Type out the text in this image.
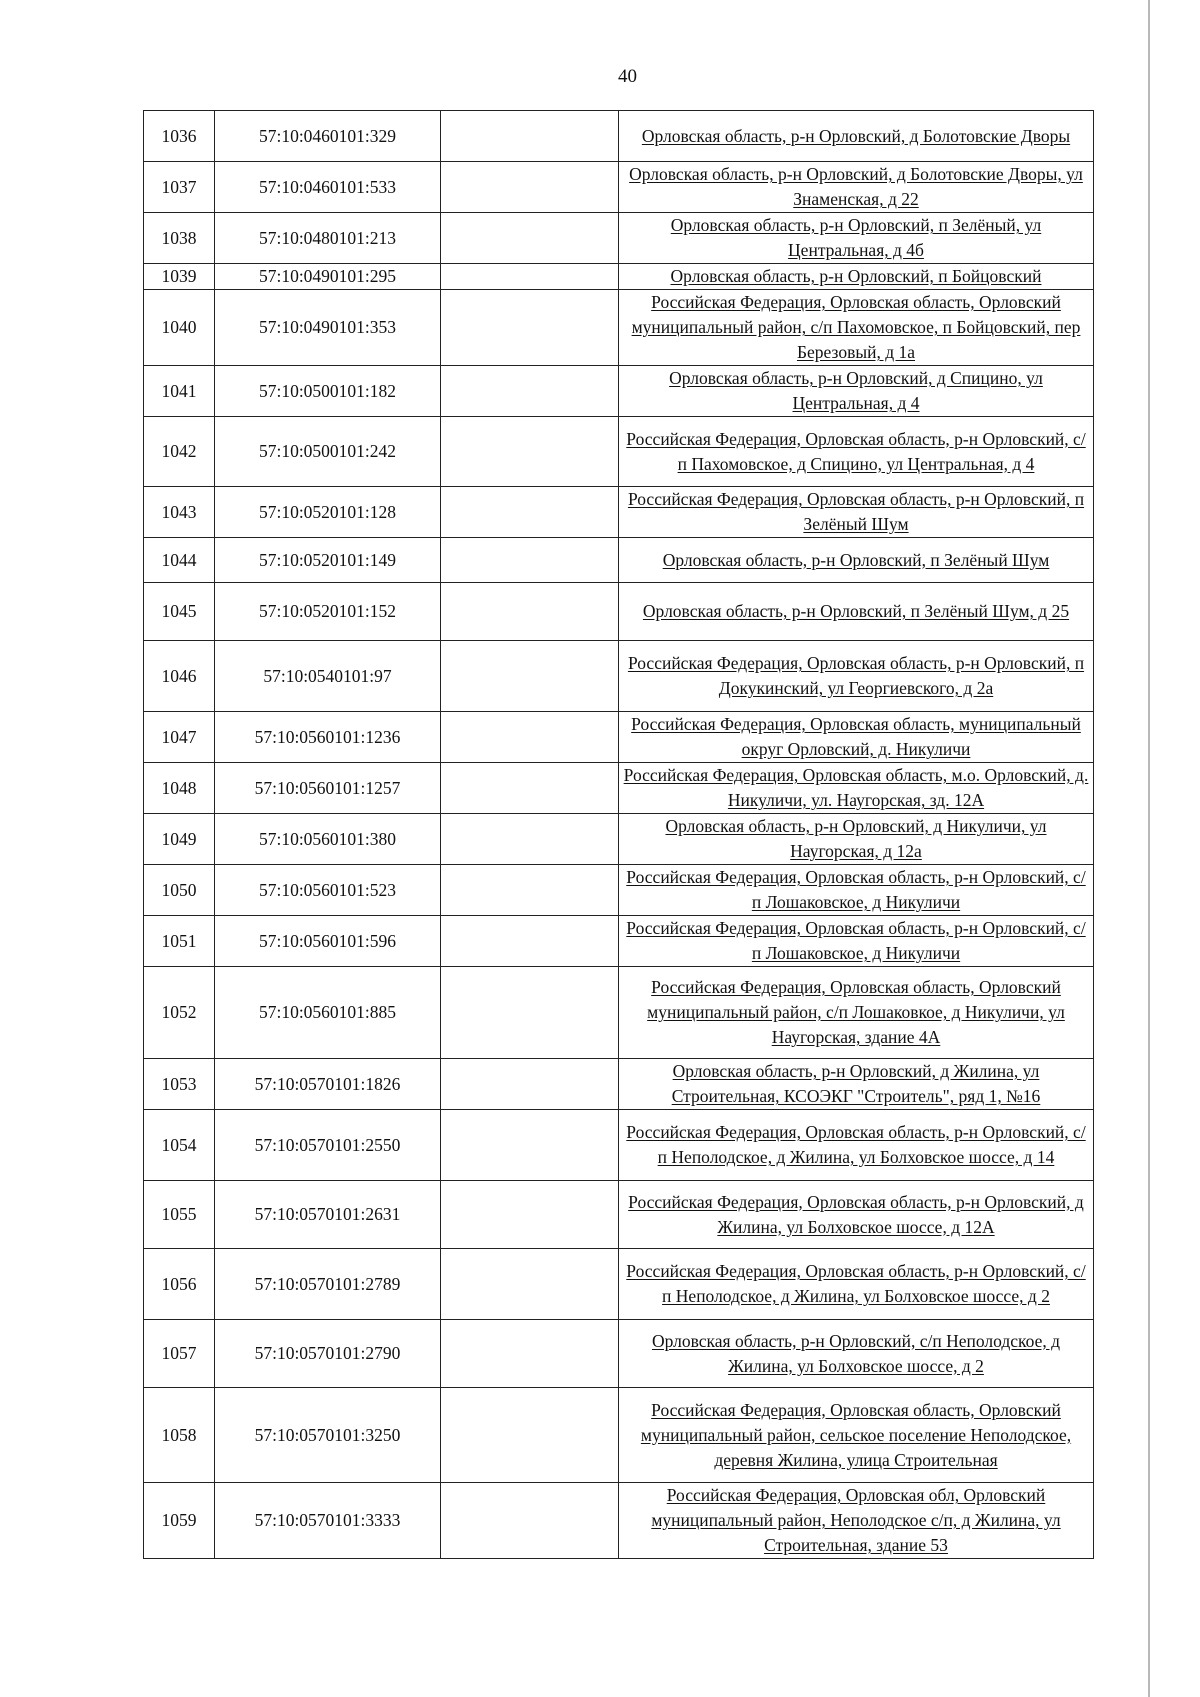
40
1036	57:10:0460101:329		Орловская область, р-н Орловский, д Болотовские Дворы
1037	57:10:0460101:533		Орловская область, р-н Орловский, д Болотовские Дворы, ул Знаменская, д 22
1038	57:10:0480101:213		Орловская область, р-н Орловский, п Зелёный, ул Центральная, д 4б
1039	57:10:0490101:295		Орловская область, р-н Орловский, п Бойцовский
1040	57:10:0490101:353		Российская Федерация, Орловская область, Орловский муниципальный район, с/п Пахомовское, п Бойцовский, пер Березовый, д 1а
1041	57:10:0500101:182		Орловская область, р-н Орловский, д Спицино, ул Центральная, д 4
1042	57:10:0500101:242		Российская Федерация, Орловская область, р-н Орловский, с/п Пахомовское, д Спицино, ул Центральная, д 4
1043	57:10:0520101:128		Российская Федерация, Орловская область, р-н Орловский, п Зелёный Шум
1044	57:10:0520101:149		Орловская область, р-н Орловский, п Зелёный Шум
1045	57:10:0520101:152		Орловская область, р-н Орловский, п Зелёный Шум, д 25
1046	57:10:0540101:97		Российская Федерация, Орловская область, р-н Орловский, п Докукинский, ул Георгиевского, д 2а
1047	57:10:0560101:1236		Российская Федерация, Орловская область, муниципальный округ Орловский, д. Никуличи
1048	57:10:0560101:1257		Российская Федерация, Орловская область, м.о. Орловский, д. Никуличи, ул. Наугорская, зд. 12А
1049	57:10:0560101:380		Орловская область, р-н Орловский, д Никуличи, ул Наугорская, д 12а
1050	57:10:0560101:523		Российская Федерация, Орловская область, р-н Орловский, с/п Лошаковское, д Никуличи
1051	57:10:0560101:596		Российская Федерация, Орловская область, р-н Орловский, с/п Лошаковское, д Никуличи
1052	57:10:0560101:885		Российская Федерация, Орловская область, Орловский муниципальный район, с/п Лошаковкое, д Никуличи, ул Наугорская, здание 4А
1053	57:10:0570101:1826		Орловская область, р-н Орловский, д Жилина, ул Строительная, КСОЭКГ "Строитель", ряд 1, №16
1054	57:10:0570101:2550		Российская Федерация, Орловская область, р-н Орловский, с/п Неполодское, д Жилина, ул Болховское шоссе, д 14
1055	57:10:0570101:2631		Российская Федерация, Орловская область, р-н Орловский, д Жилина, ул Болховское шоссе, д 12А
1056	57:10:0570101:2789		Российская Федерация, Орловская область, р-н Орловский, с/п Неполодское, д Жилина, ул Болховское шоссе, д 2
1057	57:10:0570101:2790		Орловская область, р-н Орловский, с/п Неполодское, д Жилина, ул Болховское шоссе, д 2
1058	57:10:0570101:3250		Российская Федерация, Орловская область, Орловский муниципальный район, сельское поселение Неполодское, деревня Жилина, улица Строительная
1059	57:10:0570101:3333		Российская Федерация, Орловская обл, Орловский муниципальный район, Неполодское с/п, д Жилина, ул Строительная, здание 53
